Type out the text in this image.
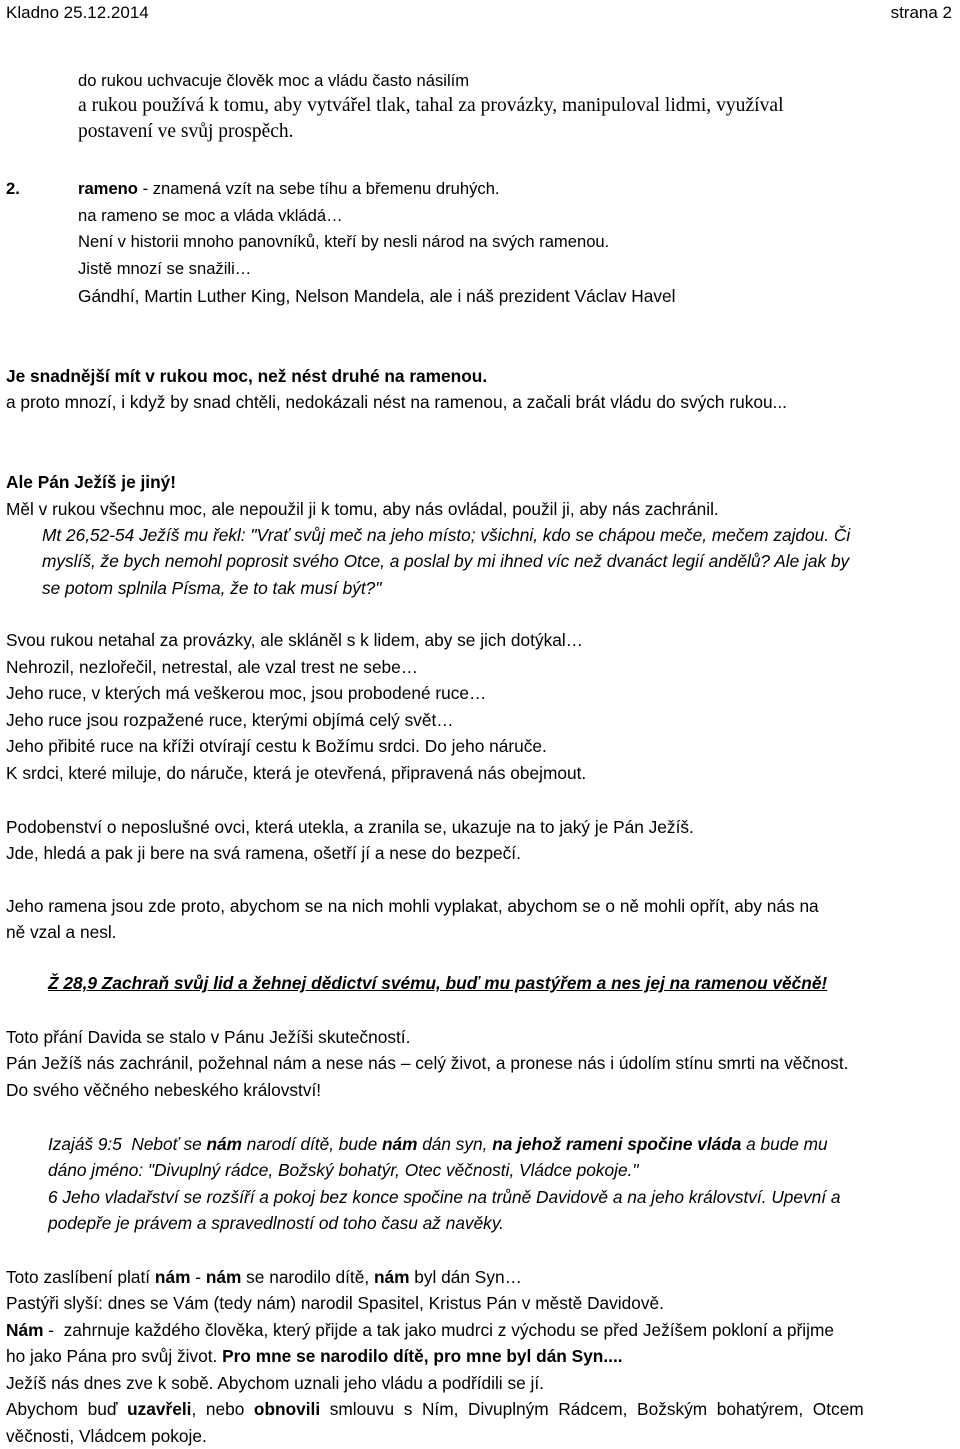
Kladno 25.12.2014	strana 2
do rukou uchvacuje člověk moc a vládu často násilím
a rukou používá k tomu, aby vytvářel tlak, tahal za provázky, manipuloval lidmi, využíval
postavení ve svůj prospěch.
2.	rameno - znamená vzít na sebe tíhu a břemenu druhých.
na rameno se moc a vláda vkládá…
Není v historii mnoho panovníků, kteří by nesli národ na svých ramenou.
Jistě mnozí se snažili…
Gándhí, Martin Luther King, Nelson Mandela, ale i náš prezident Václav Havel
Je snadnější mít v rukou moc, než nést druhé na ramenou.
a proto mnozí, i když by snad chtěli, nedokázali nést na ramenou, a začali brát vládu do svých rukou...
Ale Pán Ježíš je jiný!
Měl v rukou všechnu moc, ale nepoužil ji k tomu, aby nás ovládal, použil ji, aby nás zachránil.
Mt 26,52-54 Ježíš mu řekl: "Vrať svůj meč na jeho místo; všichni, kdo se chápou meče, mečem zajdou. Či
myslíš, že bych nemohl poprosit svého Otce, a poslal by mi ihned víc než dvanáct legií andělů? Ale jak by
se potom splnila Písma, že to tak musí být?"
Svou rukou netahal za provázky, ale skláněl s k lidem, aby se jich dotýkal…
Nehrozil, nezlořečil, netrestal, ale vzal trest ne sebe…
Jeho ruce, v kterých má veškerou moc, jsou probodené ruce…
Jeho ruce jsou rozpažené ruce, kterými objímá celý svět…
Jeho přibité ruce na kříži otvírají cestu k Božímu srdci. Do jeho náruče.
K srdci, které miluje, do náruče, která je otevřená, připravená nás obejmout.
Podobenství o neposlušné ovci, která utekla, a zranila se, ukazuje na to jaký je Pán Ježíš.
Jde, hledá a pak ji bere na svá ramena, ošetří jí a nese do bezpečí.
Jeho ramena jsou zde proto, abychom se na nich mohli vyplakat, abychom se o ně mohli opřít, aby nás na
ně vzal a nesl.
Ž 28,9 Zachraň svůj lid a žehnej dědictví svému, buď mu pastýřem a nes jej na ramenou věčně!
Toto přání Davida se stalo v Pánu Ježíši skutečností.
Pán Ježíš nás zachránil, požehnal nám a nese nás – celý život, a pronese nás i údolím stínu smrti na věčnost.
Do svého věčného nebeského království!
Izajáš 9:5  Neboť se nám narodí dítě, bude nám dán syn, na jehož rameni spočine vláda a bude mu
dáno jméno: "Divuplný rádce, Božský bohatýr, Otec věčnosti, Vládce pokoje."
6 Jeho vladařství se rozšíří a pokoj bez konce spočine na trůně Davidově a na jeho království. Upevní a
podepře je právem a spravedlností od toho času až navěky.
Toto zaslíbení platí nám - nám se narodilo dítě, nám byl dán Syn…
Pastýři slyší: dnes se Vám (tedy nám) narodil Spasitel, Kristus Pán v městě Davidově.
Nám -  zahrnuje každého člověka, který přijde a tak jako mudrci z východu se před Ježíšem pokloní a přijme
ho jako Pána pro svůj život. Pro mne se narodilo dítě, pro mne byl dán Syn....
Ježíš nás dnes zve k sobě. Abychom uznali jeho vládu a podřídili se jí.
Abychom  buď  uzavřeli,  nebo  obnovili  smlouvu  s  Ním,  Divuplným  Rádcem,  Božským  bohatýrem,  Otcem
věčnosti, Vládcem pokoje.
